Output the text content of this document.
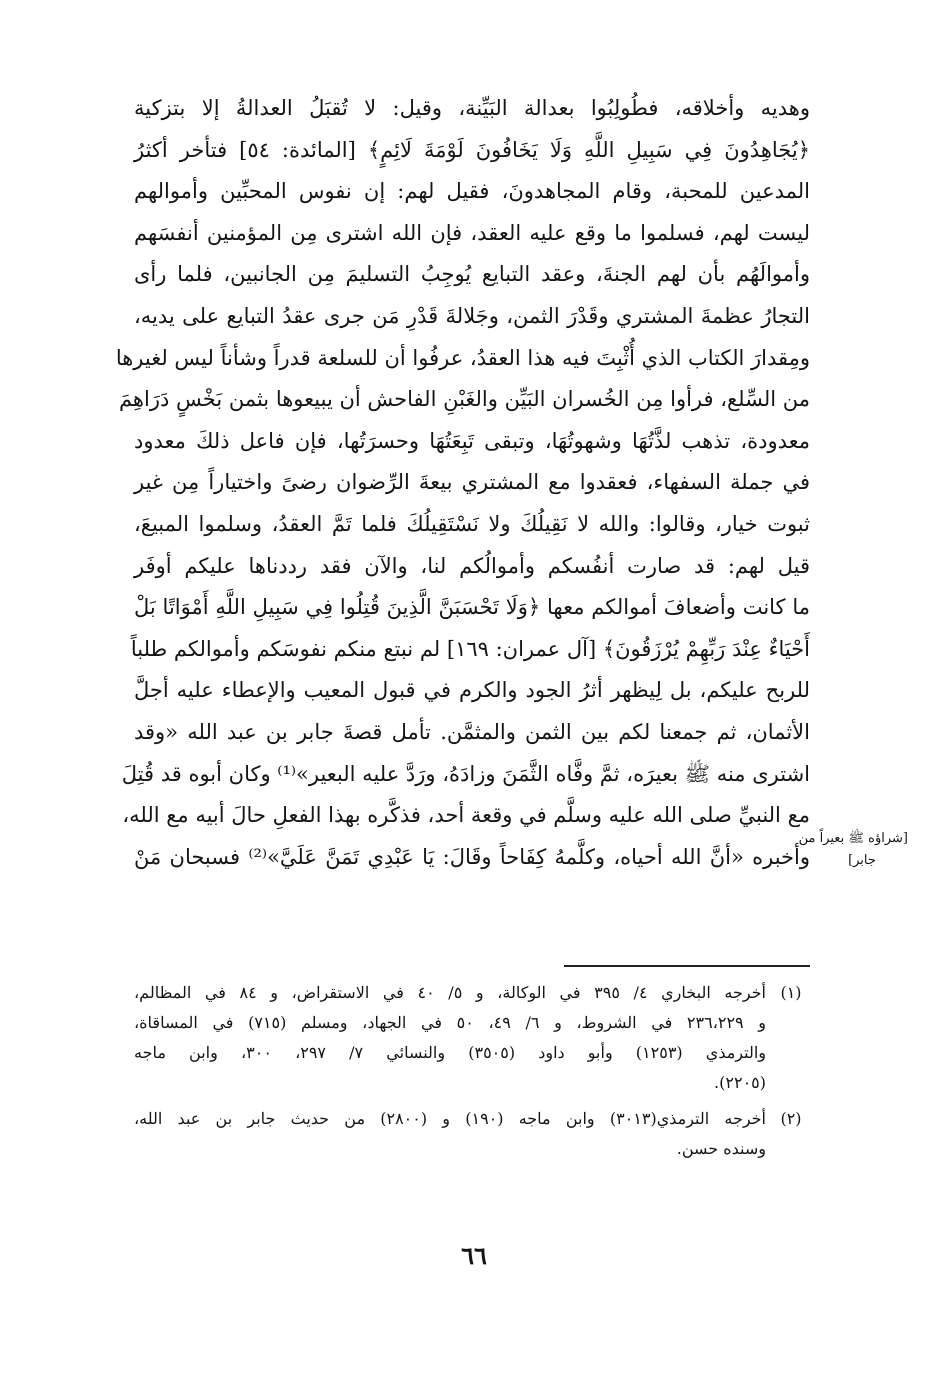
وهديه وأخلاقه، فطُولِبُوا بعدالة البَيِّنة، وقيل: لا تُقبَلُ العدالةُ إلا بتزكية
﴿يُجَاهِدُونَ فِي سَبِيلِ اللَّهِ وَلَا يَخَافُونَ لَوْمَةَ لَائِمٍ﴾ [المائدة: ٥٤] فتأخر أكثرُ
المدعين للمحبة، وقام المجاهدونَ، فقيل لهم: إن نفوس المحبِّين وأموالهم
ليست لهم، فسلموا ما وقع عليه العقد، فإن الله اشترى مِن المؤمنين أنفسَهم
وأموالَهُم بأن لهم الجنةَ، وعقد التبايع يُوجِبُ التسليمَ مِن الجانبين، فلما رأى
التجارُ عظمةَ المشتري وقَدْرَ الثمن، وجَلالةَ قَدْرِ مَن جرى عقدُ التبايع على يديه،
ومِقدارَ الكتاب الذي أُثْبِتَ فيه هذا العقدُ، عرفُوا أن للسلعة قدراً وشأناً ليس لغيرها
من السِّلع، فرأوا مِن الخُسران البَيِّن والغَبْنِ الفاحش أن يبيعوها بثمن بَخْسٍ دَرَاهِمَ
معدودة، تذهب لذَّتُهَا وشهوتُهَا، وتبقى تَبِعَتُهَا وحسرَتُها، فإن فاعل ذلكَ معدود
في جملة السفهاء، فعقدوا مع المشتري بيعةَ الرِّضوان رضىً واختياراً مِن غير
ثبوت خيار، وقالوا: والله لا نَقِيلُكَ ولا نَسْتَقِيلُكَ فلما تَمَّ العقدُ، وسلموا المبيعَ،
قيل لهم: قد صارت أنفُسكم وأموالُكم لنا، والآن فقد رددناها عليكم أوفَر
ما كانت وأضعافَ أموالكم معها ﴿وَلَا تَحْسَبَنَّ الَّذِينَ قُتِلُوا فِي سَبِيلِ اللَّهِ أَمْوَاتًا بَلْ
أَحْيَاءٌ عِنْدَ رَبِّهِمْ يُرْزَقُونَ﴾ [آل عمران: ١٦٩] لم نبتع منكم نفوسَكم وأموالكم طلباً
للربح عليكم، بل لِيظهر أثرُ الجود والكرم في قبول المعيب والإعطاء عليه أجلَّ
الأثمان، ثم جمعنا لكم بين الثمن والمثمَّن. تأمل قصةَ جابر بن عبد الله «وقد
اشترى منه ﷺ بعيرَه، ثمَّ وفَّاه الثَّمَنَ وزادَهُ، ورَدَّ عليه البعير»⁽¹⁾ وكان أبوه قد قُتِلَ
مع النبيِّ صلى الله عليه وسلَّم في وقعة أحد، فذكَّره بهذا الفعلِ حالَ أبيه مع الله،
وأخبره «أنَّ الله أحياه، وكلَّمهُ كِفَاحاً وقَالَ: يَا عَبْدِي تَمَنَّ عَلَيَّ»⁽²⁾ فسبحان مَنْ
[شراؤه ﷺ بعيراً من
جابر]
(١)
أخرجه البخاري ٤/ ٣٩٥ في الوكالة، و ٥/ ٤٠ في الاستقراض، و ٨٤ في المظالم،
و ٢٣٦،٢٢٩ في الشروط، و ٦/ ٤٩، ٥٠ في الجهاد، ومسلم (٧١٥) في المساقاة،
والترمذي (١٢٥٣) وأبو داود (٣٥٠٥) والنسائي ٧/ ٢٩٧، ٣٠٠، وابن ماجه
(٢٢٠٥).
(٢)
أخرجه الترمذي(٣٠١٣) وابن ماجه (١٩٠) و (٢٨٠٠) من حديث جابر بن عبد الله،
وسنده حسن.
٦٦
